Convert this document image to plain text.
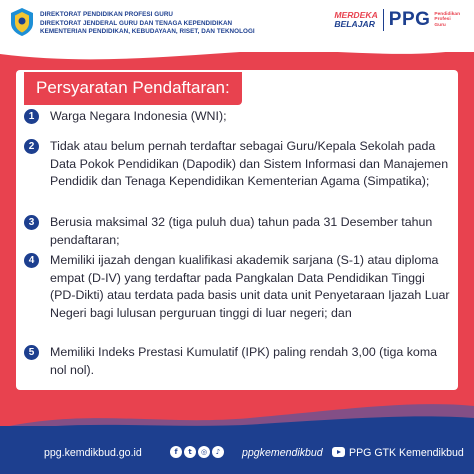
DIREKTORAT PENDIDIKAN PROFESI GURU
DIREKTORAT JENDERAL GURU DAN TENAGA KEPENDIDIKAN
KEMENTERIAN PENDIDIKAN, KEBUDAYAAN, RISET, DAN TEKNOLOGI
MERDEKA
BELAJAR PPG Pendidikan
Profesi
Guru
Persyaratan Pendaftaran:
1	Warga Negara Indonesia (WNI);
2	Tidak atau belum pernah terdaftar sebagai Guru/Kepala Sekolah pada Data Pokok Pendidikan (Dapodik) dan Sistem Informasi dan Manajemen Pendidik dan Tenaga Kependidikan Kementerian Agama (Simpatika);
3	Berusia maksimal 32 (tiga puluh dua) tahun pada 31 Desember tahun pendaftaran;
4	Memiliki ijazah dengan kualifikasi akademik sarjana (S-1) atau diploma empat (D-IV) yang terdaftar pada Pangkalan Data Pendidikan Tinggi (PD-Dikti) atau terdata pada basis unit data unit Penyetaraan Ijazah Luar Negeri bagi lulusan perguruan tinggi di luar negeri; dan
5	Memiliki Indeks Prestasi Kumulatif (IPK) paling rendah 3,00 (tiga koma nol nol).
ppg.kemdikbud.go.id	f	t	◎	♪	ppgkemendikbud PPG GTK Kemendikbud
